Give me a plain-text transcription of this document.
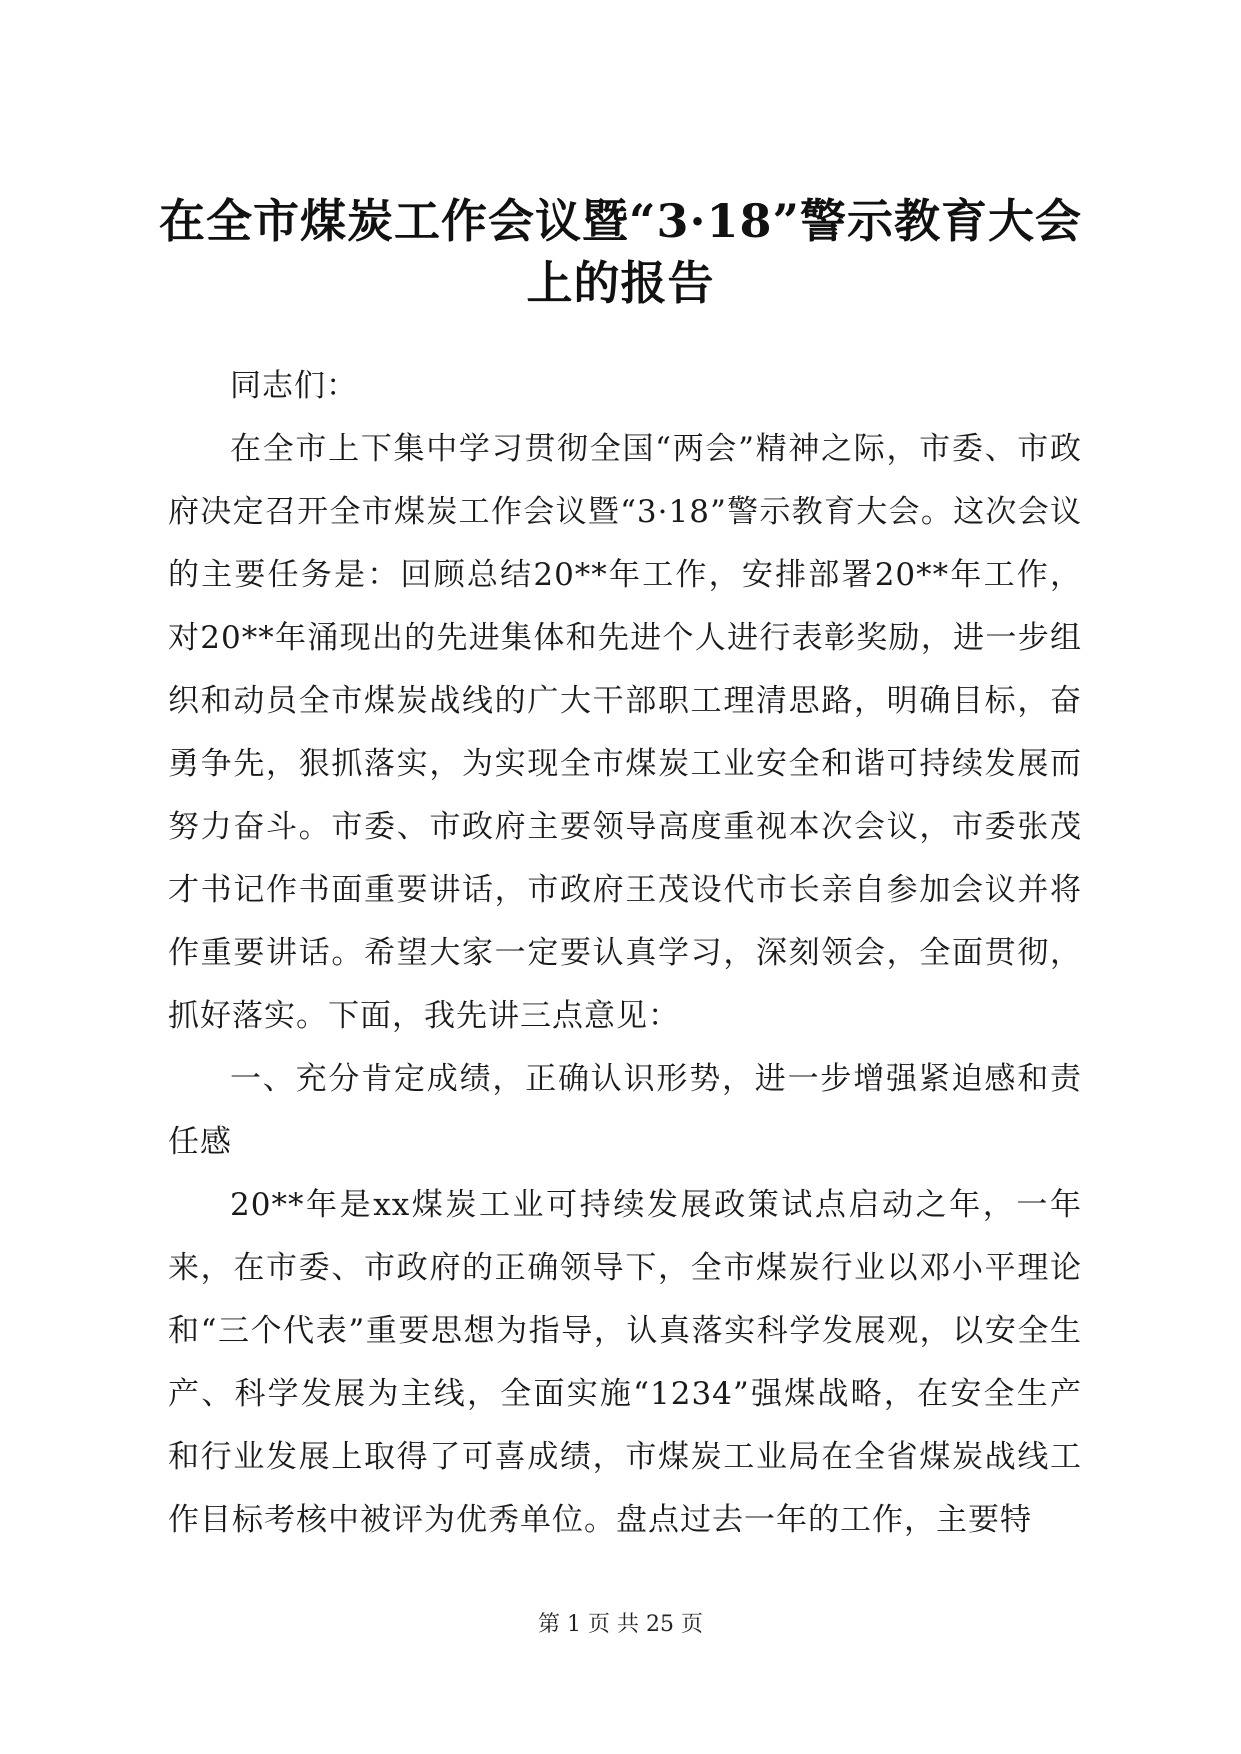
在全市煤炭工作会议暨“3·18”警示教育大会上的报告

同志们：

在全市上下集中学习贯彻全国“两会”精神之际，市委、市政府决定召开全市煤炭工作会议暨“3·18”警示教育大会。这次会议的主要任务是：回顾总结20**年工作，安排部署20**年工作，对20**年涌现出的先进集体和先进个人进行表彰奖励，进一步组织和动员全市煤炭战线的广大干部职工理清思路，明确目标，奋勇争先，狠抓落实，为实现全市煤炭工业安全和谐可持续发展而努力奋斗。市委、市政府主要领导高度重视本次会议，市委张茂才书记作书面重要讲话，市政府王茂设代市长亲自参加会议并将作重要讲话。希望大家一定要认真学习，深刻领会，全面贯彻，抓好落实。下面，我先讲三点意见：

一、充分肯定成绩，正确认识形势，进一步增强紧迫感和责任感

20**年是xx煤炭工业可持续发展政策试点启动之年，一年来，在市委、市政府的正确领导下，全市煤炭行业以邓小平理论和“三个代表”重要思想为指导，认真落实科学发展观，以安全生产、科学发展为主线，全面实施“1234”强煤战略，在安全生产和行业发展上取得了可喜成绩，市煤炭工业局在全省煤炭战线工作目标考核中被评为优秀单位。盘点过去一年的工作，主要特

第 1 页 共 25 页
